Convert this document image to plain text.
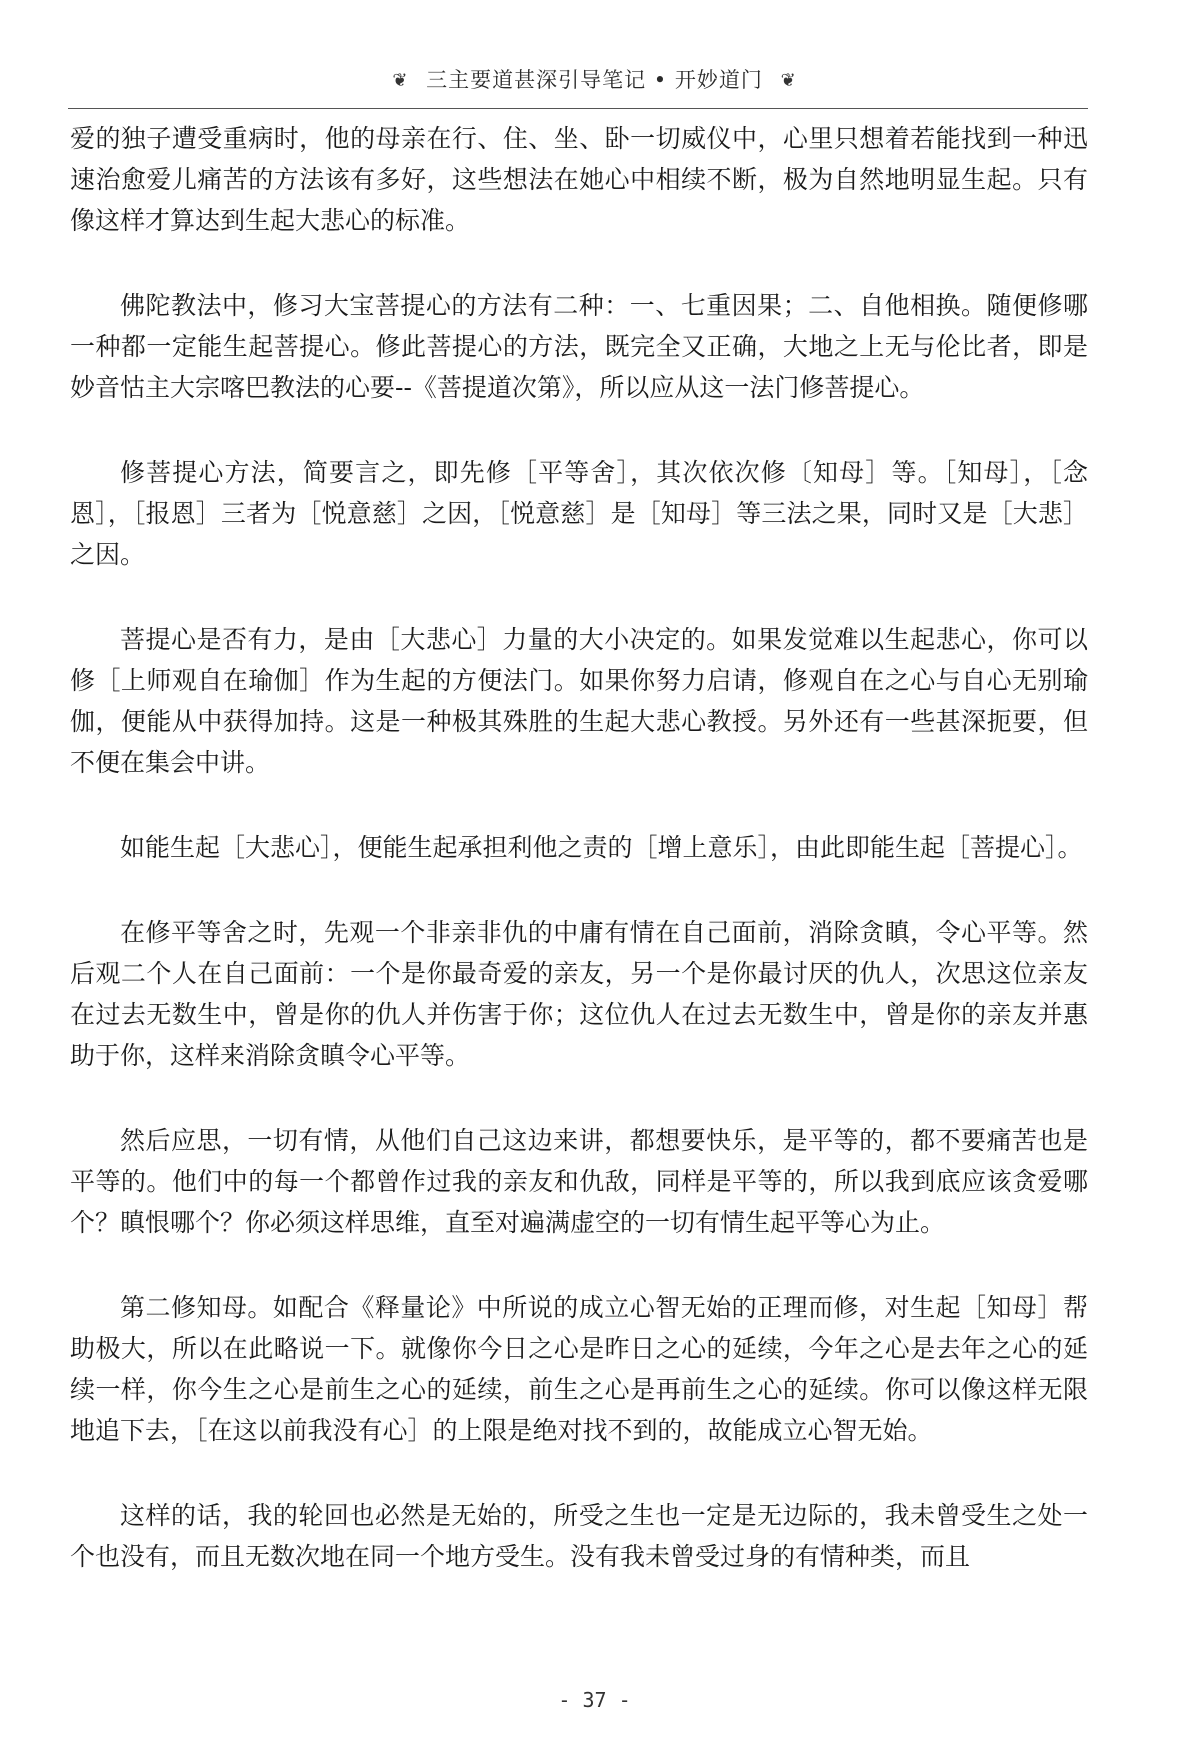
❦ 三主要道甚深引导笔记 • 开妙道门 ❦

爱的独子遭受重病时，他的母亲在行、住、坐、卧一切威仪中，心里只想着若能找到一种迅速治愈爱儿痛苦的方法该有多好，这些想法在她心中相续不断，极为自然地明显生起。只有像这样才算达到生起大悲心的标准。

佛陀教法中，修习大宝菩提心的方法有二种：一、七重因果；二、自他相换。随便修哪一种都一定能生起菩提心。修此菩提心的方法，既完全又正确，大地之上无与伦比者，即是妙音怙主大宗喀巴教法的心要--《菩提道次第》，所以应从这一法门修菩提心。

修菩提心方法，简要言之，即先修［平等舍］，其次依次修〔知母］等。［知母］，［念恩］，［报恩］三者为［悦意慈］之因，［悦意慈］是［知母］等三法之果，同时又是［大悲］之因。

菩提心是否有力，是由［大悲心］力量的大小决定的。如果发觉难以生起悲心，你可以修［上师观自在瑜伽］作为生起的方便法门。如果你努力启请，修观自在之心与自心无别瑜伽，便能从中获得加持。这是一种极其殊胜的生起大悲心教授。另外还有一些甚深扼要，但不便在集会中讲。

如能生起［大悲心］，便能生起承担利他之责的［增上意乐］，由此即能生起［菩提心］。

在修平等舍之时，先观一个非亲非仇的中庸有情在自己面前，消除贪瞋，令心平等。然后观二个人在自己面前：一个是你最奇爱的亲友，另一个是你最讨厌的仇人，次思这位亲友在过去无数生中，曾是你的仇人并伤害于你；这位仇人在过去无数生中，曾是你的亲友并惠助于你，这样来消除贪瞋令心平等。

然后应思，一切有情，从他们自己这边来讲，都想要快乐，是平等的，都不要痛苦也是平等的。他们中的每一个都曾作过我的亲友和仇敌，同样是平等的，所以我到底应该贪爱哪个？瞋恨哪个？你必须这样思维，直至对遍满虚空的一切有情生起平等心为止。

第二修知母。如配合《释量论》中所说的成立心智无始的正理而修，对生起［知母］帮助极大，所以在此略说一下。就像你今日之心是昨日之心的延续，今年之心是去年之心的延续一样，你今生之心是前生之心的延续，前生之心是再前生之心的延续。你可以像这样无限地追下去，［在这以前我没有心］的上限是绝对找不到的，故能成立心智无始。

这样的话，我的轮回也必然是无始的，所受之生也一定是无边际的，我未曾受生之处一个也没有，而且无数次地在同一个地方受生。没有我未曾受过身的有情种类，而且

- 37 -
